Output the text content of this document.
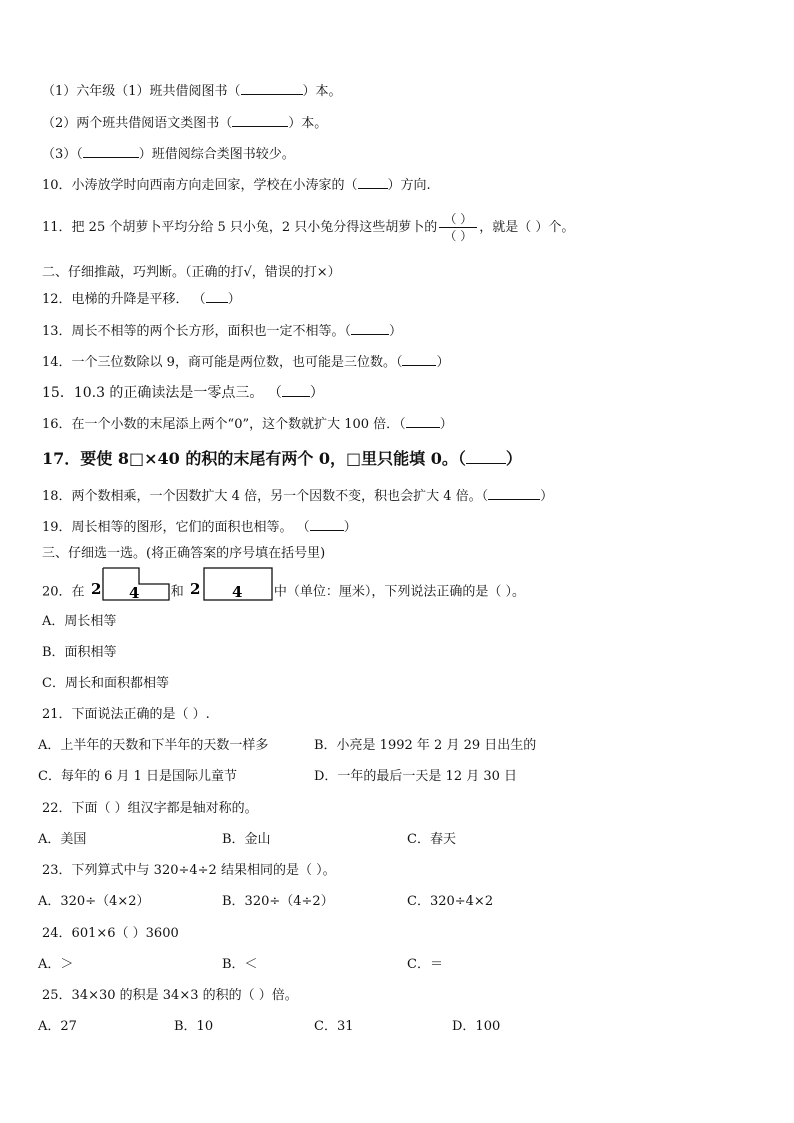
（1）六年级（1）班共借阅图书（	）本。
（2）两个班共借阅语文类图书（	）本。
（3）（	）班借阅综合类图书较少。
10．小涛放学时向西南方向走回家，学校在小涛家的（ ）方向.
11．把 25 个胡萝卜平均分给 5 只小兔，2 只小兔分得这些胡萝卜的 $\frac{( )}{( )}$ ，就是（ ）个。
二、仔细推敲，巧判断。（正确的打√，错误的打×）
12．电梯的升降是平移． （ ）
13．周长不相等的两个长方形，面积也一定不相等。（	）
14．一个三位数除以 9，商可能是两位数，也可能是三位数。（	）
15．10.3 的正确读法是一零点三。 （ ）
16．在一个小数的末尾添上两个“0”，这个数就扩大 100 倍．（	）
17．要使 8□×40 的积的末尾有两个 0，□里只能填 0。（	）
18．两个数相乘，一个因数扩大 4 倍，另一个因数不变，积也会扩大 4 倍。（	）
19．周长相等的图形，它们的面积也相等。 （	）
三、仔细选一选。(将正确答案的序号填在括号里)
20．在 2 4 和 2 4 中（单位：厘米），下列说法正确的是（ ）。
A．周长相等
B．面积相等
C．周长和面积都相等
21．下面说法正确的是（ ）.
A．上半年的天数和下半年的天数一样多	B．小亮是 1992 年 2 月 29 日出生的
C．每年的 6 月 1 日是国际儿童节	D．一年的最后一天是 12 月 30 日
22．下面（ ）组汉字都是轴对称的。
A．美国	B．金山	C．春天
23．下列算式中与 320÷4÷2 结果相同的是（ ）。
A．320÷（4×2）	B．320÷（4÷2）	C．320÷4×2
24．601×6（ ）3600
A．＞	B．＜	C．＝
25．34×30 的积是 34×3 的积的（ ）倍。
A．27	B．10	C．31	D．100
